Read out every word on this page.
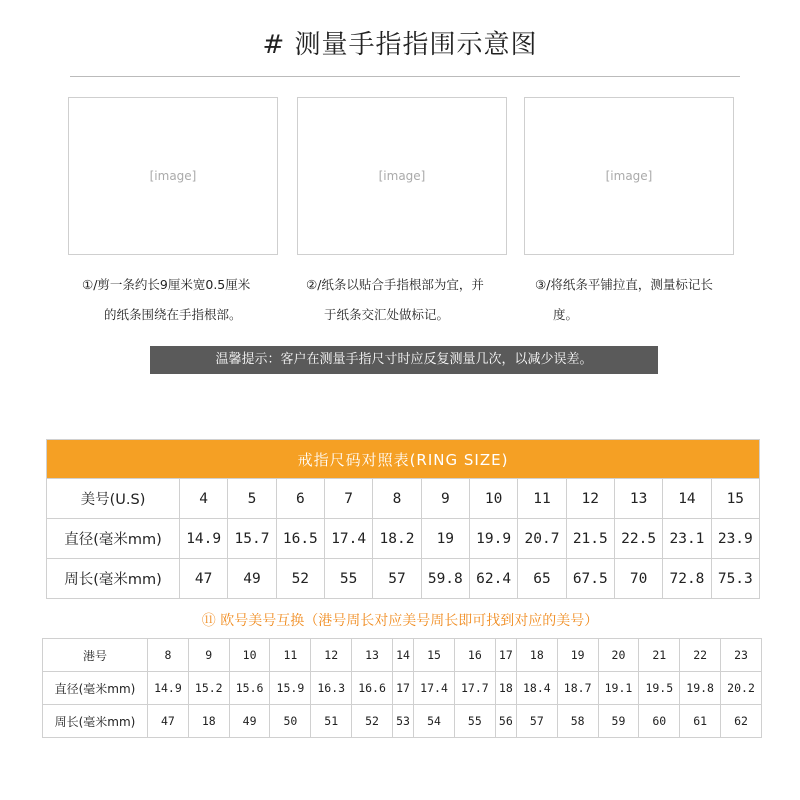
# 测量手指指围示意图
[image]	[image]	[image]
①/剪一条约长9厘米宽0.5厘米
的纸条围绕在手指根部。
②/纸条以贴合手指根部为宜，并
于纸条交汇处做标记。
③/将纸条平铺拉直，测量标记长
度。
温馨提示：客户在测量手指尺寸时应反复测量几次，以减少误差。
戒指尺码对照表(RING SIZE)												
美号(U.S)	4	5	6	7	8	9	10	11	12	13	14	15
直径(毫米mm)	14.9	15.7	16.5	17.4	18.2	19	19.9	20.7	21.5	22.5	23.1	23.9
周长(毫米mm)	47	49	52	55	57	59.8	62.4	65	67.5	70	72.8	75.3
⑪ 欧号美号互换（港号周长对应美号周长即可找到对应的美号）
港号	8	9	10	11	12	13	14	15	16	17	18	19	20	21	22	23
直径(毫米mm)	14.9	15.2	15.6	15.9	16.3	16.6	17	17.4	17.7	18	18.4	18.7	19.1	19.5	19.8	20.2
周长(毫米mm)	47	18	49	50	51	52	53	54	55	56	57	58	59	60	61	62
